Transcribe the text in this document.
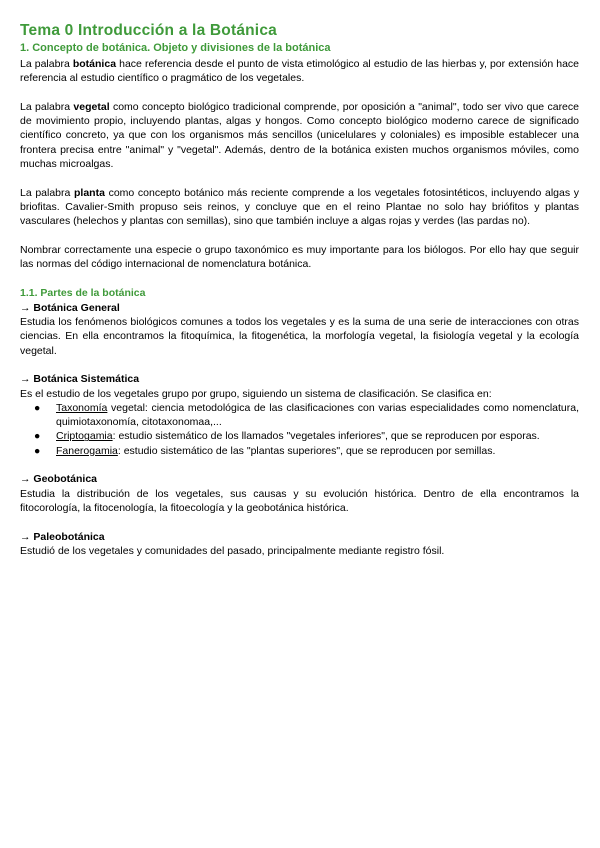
Tema 0 Introducción a la Botánica
1. Concepto de botánica. Objeto y divisiones de la botánica

La palabra botánica hace referencia desde el punto de vista etimológico al estudio de las hierbas y, por extensión hace referencia al estudio científico o pragmático de los vegetales.

La palabra vegetal como concepto biológico tradicional comprende, por oposición a "animal", todo ser vivo que carece de movimiento propio, incluyendo plantas, algas y hongos. Como concepto biológico moderno carece de significado científico concreto, ya que con los organismos más sencillos (unicelulares y coloniales) es imposible establecer una frontera precisa entre "animal" y "vegetal". Además, dentro de la botánica existen muchos organismos móviles, como muchas microalgas.

La palabra planta como concepto botánico más reciente comprende a los vegetales fotosintéticos, incluyendo algas y briofitas. Cavalier-Smith propuso seis reinos, y concluye que en el reino Plantae no solo hay briófitos y plantas vasculares (helechos y plantas con semillas), sino que también incluye a algas rojas y verdes (las pardas no).

Nombrar correctamente una especie o grupo taxonómico es muy importante para los biólogos. Por ello hay que seguir las normas del código internacional de nomenclatura botánica.

1.1. Partes de la botánica
→ Botánica General

Estudia los fenómenos biológicos comunes a todos los vegetales y es la suma de una serie de interacciones con otras ciencias. En ella encontramos la fitoquímica, la fitogenética, la morfología vegetal, la fisiología vegetal y la ecología vegetal.

→ Botánica Sistemática

Es el estudio de los vegetales grupo por grupo, siguiendo un sistema de clasificación. Se clasifica en:

● Taxonomía vegetal: ciencia metodológica de las clasificaciones con varias especialidades como nomenclatura, quimiotaxonomía, citotaxonomaa,...
● Criptogamia: estudio sistemático de los llamados "vegetales inferiores", que se reproducen por esporas.
● Fanerogamia: estudio sistemático de las "plantas superiores", que se reproducen por semillas.
→ Geobotánica

Estudia la distribución de los vegetales, sus causas y su evolución histórica. Dentro de ella encontramos la fitocorología, la fitocenología, la fitoecología y la geobotánica histórica.

→ Paleobotánica

Estudió de los vegetales y comunidades del pasado, principalmente mediante registro fósil.
